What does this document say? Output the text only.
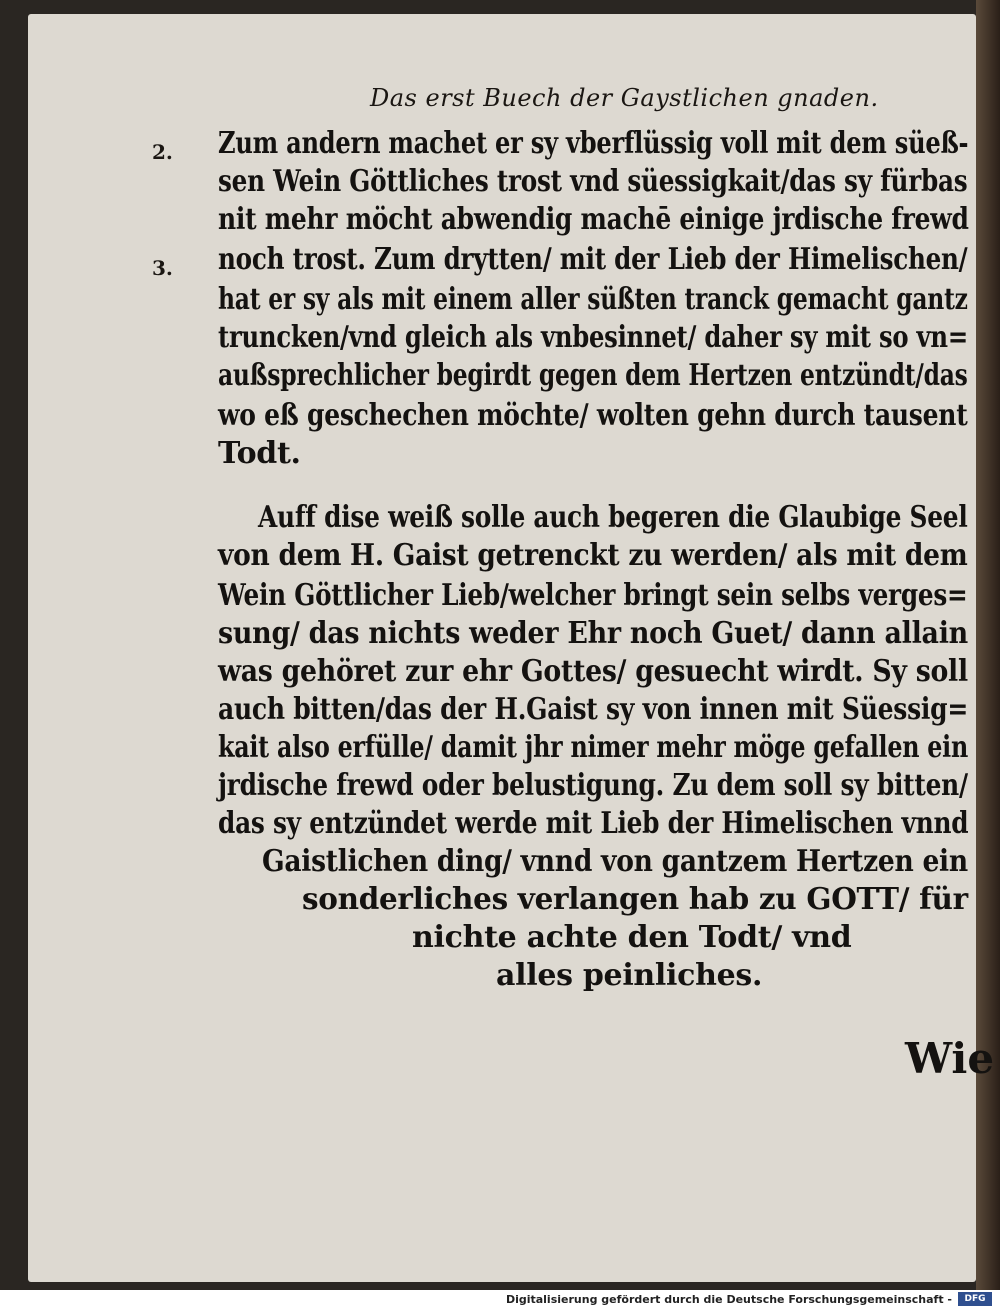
Das erst Buech der Gaystlichen gnaden.
2.
3.
Zum andern machet er sy vberflüssig voll mit dem süeß-
sen Wein Göttliches trost vnd süessigkait/das sy fürbas
nit mehr möcht abwendig machē einige jrdische frewd
noch trost. Zum drytten/ mit der Lieb der Himelischen/
hat er sy als mit einem aller süßten tranck gemacht gantz
truncken/vnd gleich als vnbesinnet/ daher sy mit so vn=
außsprechlicher begirdt gegen dem Hertzen entzündt/das
wo eß geschechen möchte/ wolten gehn durch tausent
Todt.
Auff dise weiß solle auch begeren die Glaubige Seel
von dem H. Gaist getrenckt zu werden/ als mit dem
Wein Göttlicher Lieb/welcher bringt sein selbs verges=
sung/ das nichts weder Ehr noch Guet/ dann allain
was gehöret zur ehr Gottes/ gesuecht wirdt. Sy soll
auch bitten/das der H.Gaist sy von innen mit Süessig=
kait also erfülle/ damit jhr nimer mehr möge gefallen ein
jrdische frewd oder belustigung. Zu dem soll sy bitten/
das sy entzündet werde mit Lieb der Himelischen vnnd
Gaistlichen ding/ vnnd von gantzem Hertzen ein
sonderliches verlangen hab zu GOTT/ für
nichte achte den Todt/ vnd
alles peinliches.
Wie
Digitalisierung gefördert durch die Deutsche Forschungsgemeinschaft -	DFG
